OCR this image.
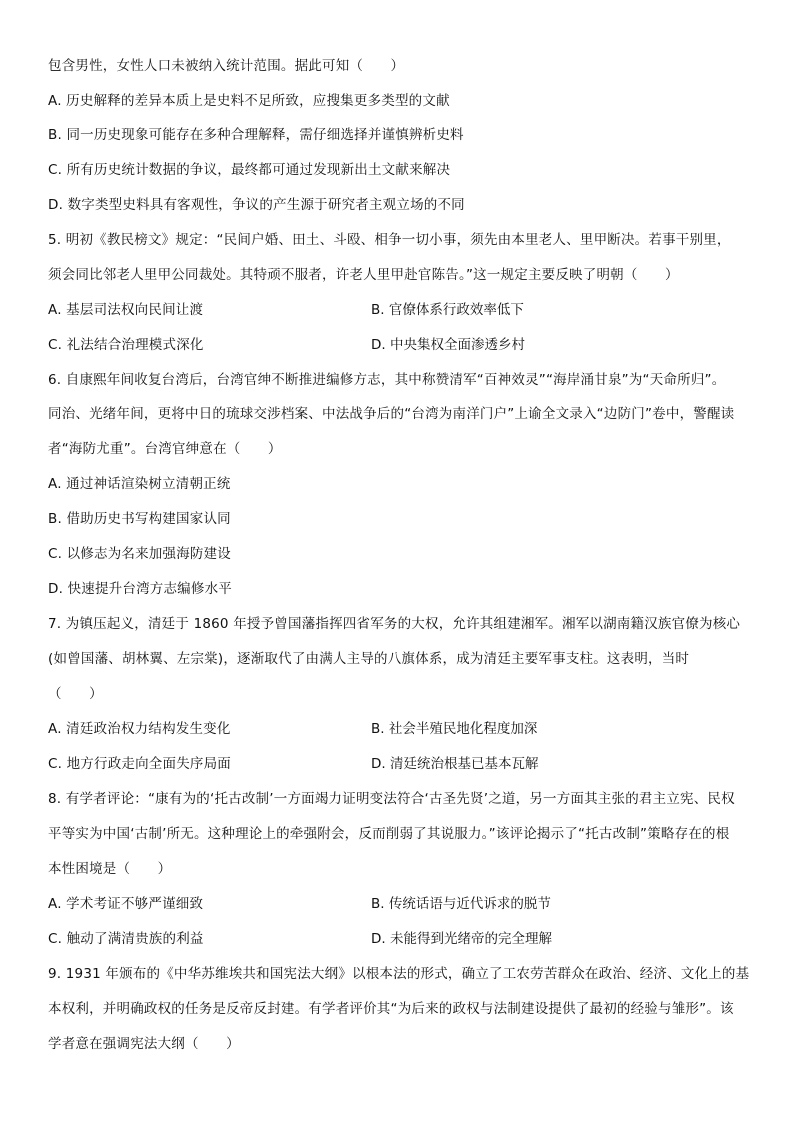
包含男性，女性人口未被纳入统计范围。据此可知（　　）
A. 历史解释的差异本质上是史料不足所致，应搜集更多类型的文献
B. 同一历史现象可能存在多种合理解释，需仔细选择并谨慎辨析史料
C. 所有历史统计数据的争议，最终都可通过发现新出土文献来解决
D. 数字类型史料具有客观性，争议的产生源于研究者主观立场的不同
5. 明初《教民榜文》规定：“民间户婚、田土、斗殴、相争一切小事，须先由本里老人、里甲断决。若事干别里，
须会同比邻老人里甲公同裁处。其特顽不服者，许老人里甲赴官陈告。”这一规定主要反映了明朝（　　）
A. 基层司法权向民间让渡	B. 官僚体系行政效率低下
C. 礼法结合治理模式深化	D. 中央集权全面渗透乡村
6. 自康熙年间收复台湾后，台湾官绅不断推进编修方志，其中称赞清军“百神效灵”“海岸涌甘泉”为“天命所归”。
同治、光绪年间，更将中日的琉球交涉档案、中法战争后的“台湾为南洋门户”上谕全文录入“边防门”卷中，警醒读
者“海防尤重”。台湾官绅意在（　　）
A. 通过神话渲染树立清朝正统
B. 借助历史书写构建国家认同
C. 以修志为名来加强海防建设
D. 快速提升台湾方志编修水平
7. 为镇压起义，清廷于 1860 年授予曾国藩指挥四省军务的大权，允许其组建湘军。湘军以湖南籍汉族官僚为核心
(如曾国藩、胡林翼、左宗棠)，逐渐取代了由满人主导的八旗体系，成为清廷主要军事支柱。这表明，当时
（　　）
A. 清廷政治权力结构发生变化	B. 社会半殖民地化程度加深
C. 地方行政走向全面失序局面	D. 清廷统治根基已基本瓦解
8. 有学者评论：“康有为的‘托古改制’一方面竭力证明变法符合‘古圣先贤’之道，另一方面其主张的君主立宪、民权
平等实为中国‘古制’所无。这种理论上的牵强附会，反而削弱了其说服力。”该评论揭示了“托古改制”策略存在的根
本性困境是（　　）
A. 学术考证不够严谨细致	B. 传统话语与近代诉求的脱节
C. 触动了满清贵族的利益	D. 未能得到光绪帝的完全理解
9. 1931 年颁布的《中华苏维埃共和国宪法大纲》以根本法的形式，确立了工农劳苦群众在政治、经济、文化上的基
本权利，并明确政权的任务是反帝反封建。有学者评价其“为后来的政权与法制建设提供了最初的经验与雏形”。该
学者意在强调宪法大纲（　　）
